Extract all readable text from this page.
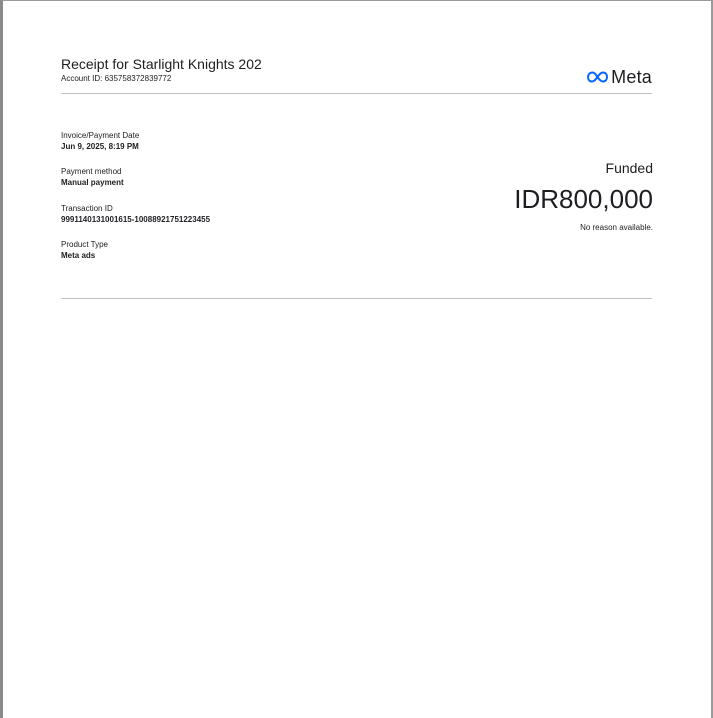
Receipt for Starlight Knights 202
Account ID: 635758372839772	Meta
Invoice/Payment Date
Jun 9, 2025, 8:19 PM
Payment method
Manual payment
Transaction ID
9991140131001615-10088921751223455
Product Type
Meta ads
Funded
IDR800,000
No reason available.
